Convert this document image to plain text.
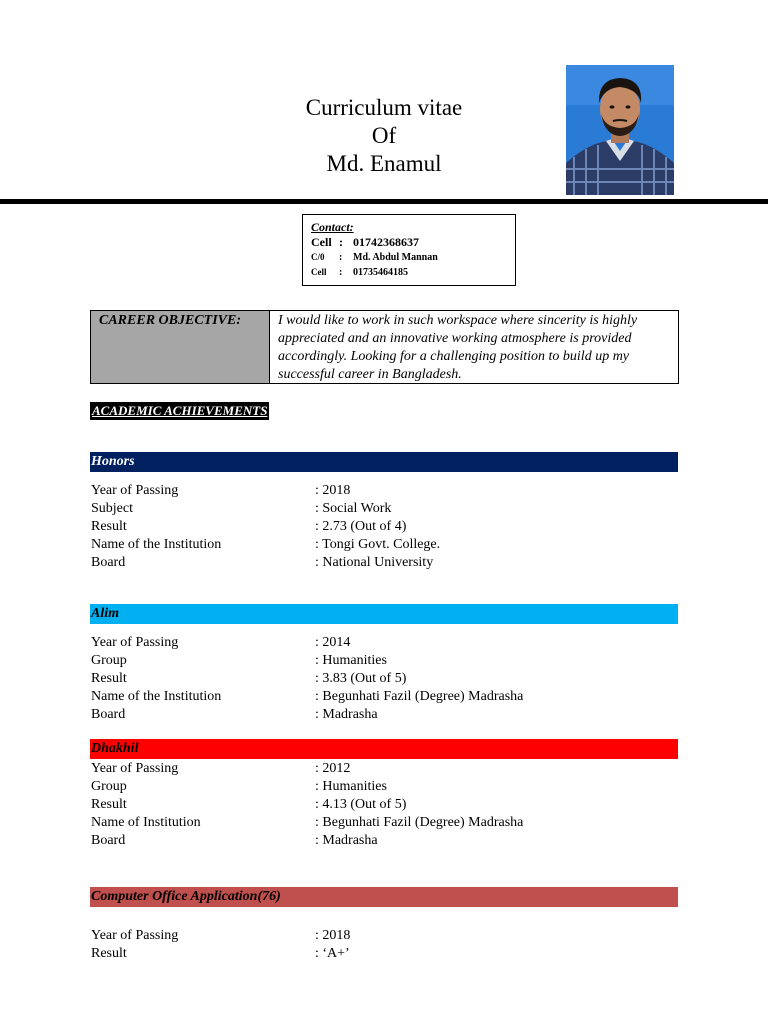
Curriculum vitae
Of
Md. Enamul
Contact:
Cell : 01742368637
C/0	:	Md. Abdul Mannan
Cell	:	01735464185
CAREER OBJECTIVE:	I would like to work in such workspace where sincerity is highly appreciated and an innovative working atmosphere is provided accordingly. Looking for a challenging position to build up my successful career in Bangladesh.
ACADEMIC ACHIEVEMENTS
Honors
Year of Passing	: 2018
Subject	: Social Work
Result	: 2.73 (Out of 4)
Name of the Institution	: Tongi Govt. College.
Board	: National University
Alim
Year of Passing	: 2014
Group	: Humanities
Result	: 3.83 (Out of 5)
Name of the Institution	: Begunhati Fazil (Degree) Madrasha
Board	: Madrasha
Dhakhil
Year of Passing	: 2012
Group	: Humanities
Result	: 4.13 (Out of 5)
Name of Institution	: Begunhati Fazil (Degree) Madrasha
Board	: Madrasha
Computer Office Application(76)
Year of Passing	: 2018
Result	: ‘A+’
